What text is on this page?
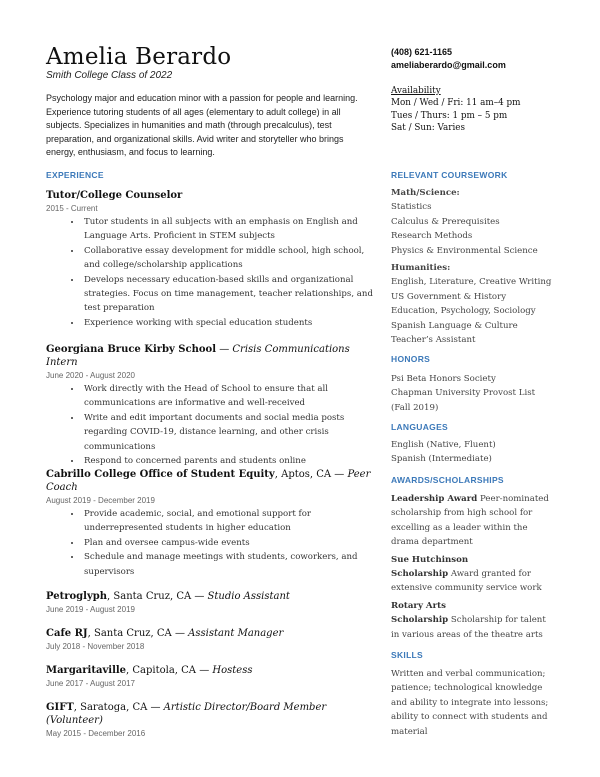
Amelia Berardo
Smith College Class of 2022
Psychology major and education minor with a passion for people and learning. Experience tutoring students of all ages (elementary to adult college) in all subjects. Specializes in humanities and math (through precalculus), test preparation, and organizational skills. Avid writer and storyteller who brings energy, enthusiasm, and focus to learning.
(408) 621-1165
ameliaberardo@gmail.com
Availability
Mon / Wed / Fri: 11 am–4 pm
Tues / Thurs: 1 pm – 5 pm
Sat / Sun: Varies
EXPERIENCE
Tutor/College Counselor
2015 - Current
• Tutor students in all subjects with an emphasis on English and Language Arts. Proficient in STEM subjects
• Collaborative essay development for middle school, high school, and college/scholarship applications
• Develops necessary education-based skills and organizational strategies. Focus on time management, teacher relationships, and test preparation
• Experience working with special education students
Georgiana Bruce Kirby School — Crisis Communications Intern
June 2020 - August 2020
• Work directly with the Head of School to ensure that all communications are informative and well-received
• Write and edit important documents and social media posts regarding COVID-19, distance learning, and other crisis communications
• Respond to concerned parents and students online
Cabrillo College Office of Student Equity, Aptos, CA — Peer Coach
August 2019 - December 2019
• Provide academic, social, and emotional support for underrepresented students in higher education
• Plan and oversee campus-wide events
• Schedule and manage meetings with students, coworkers, and supervisors
Petroglyph, Santa Cruz, CA — Studio Assistant
June 2019 - August 2019
Cafe RJ, Santa Cruz, CA — Assistant Manager
July 2018 - November 2018
Margaritaville, Capitola, CA — Hostess
June 2017 - August 2017
GIFT, Saratoga, CA — Artistic Director/Board Member (Volunteer)
May 2015 - December 2016
RELEVANT COURSEWORK
Math/Science:
Statistics
Calculus & Prerequisites
Research Methods
Physics & Environmental Science
Humanities:
English, Literature, Creative Writing
US Government & History
Education, Psychology, Sociology
Spanish Language & Culture
Teacher’s Assistant
HONORS
Psi Beta Honors Society
Chapman University Provost List (Fall 2019)
LANGUAGES
English (Native, Fluent)
Spanish (Intermediate)
AWARDS/SCHOLARSHIPS
Leadership Award Peer-nominated scholarship from high school for excelling as a leader within the drama department
Sue Hutchinson Scholarship Award granted for extensive community service work
Rotary Arts Scholarship Scholarship for talent in various areas of the theatre arts
SKILLS
Written and verbal communication; patience; technological knowledge and ability to integrate into lessons; ability to connect with students and material
